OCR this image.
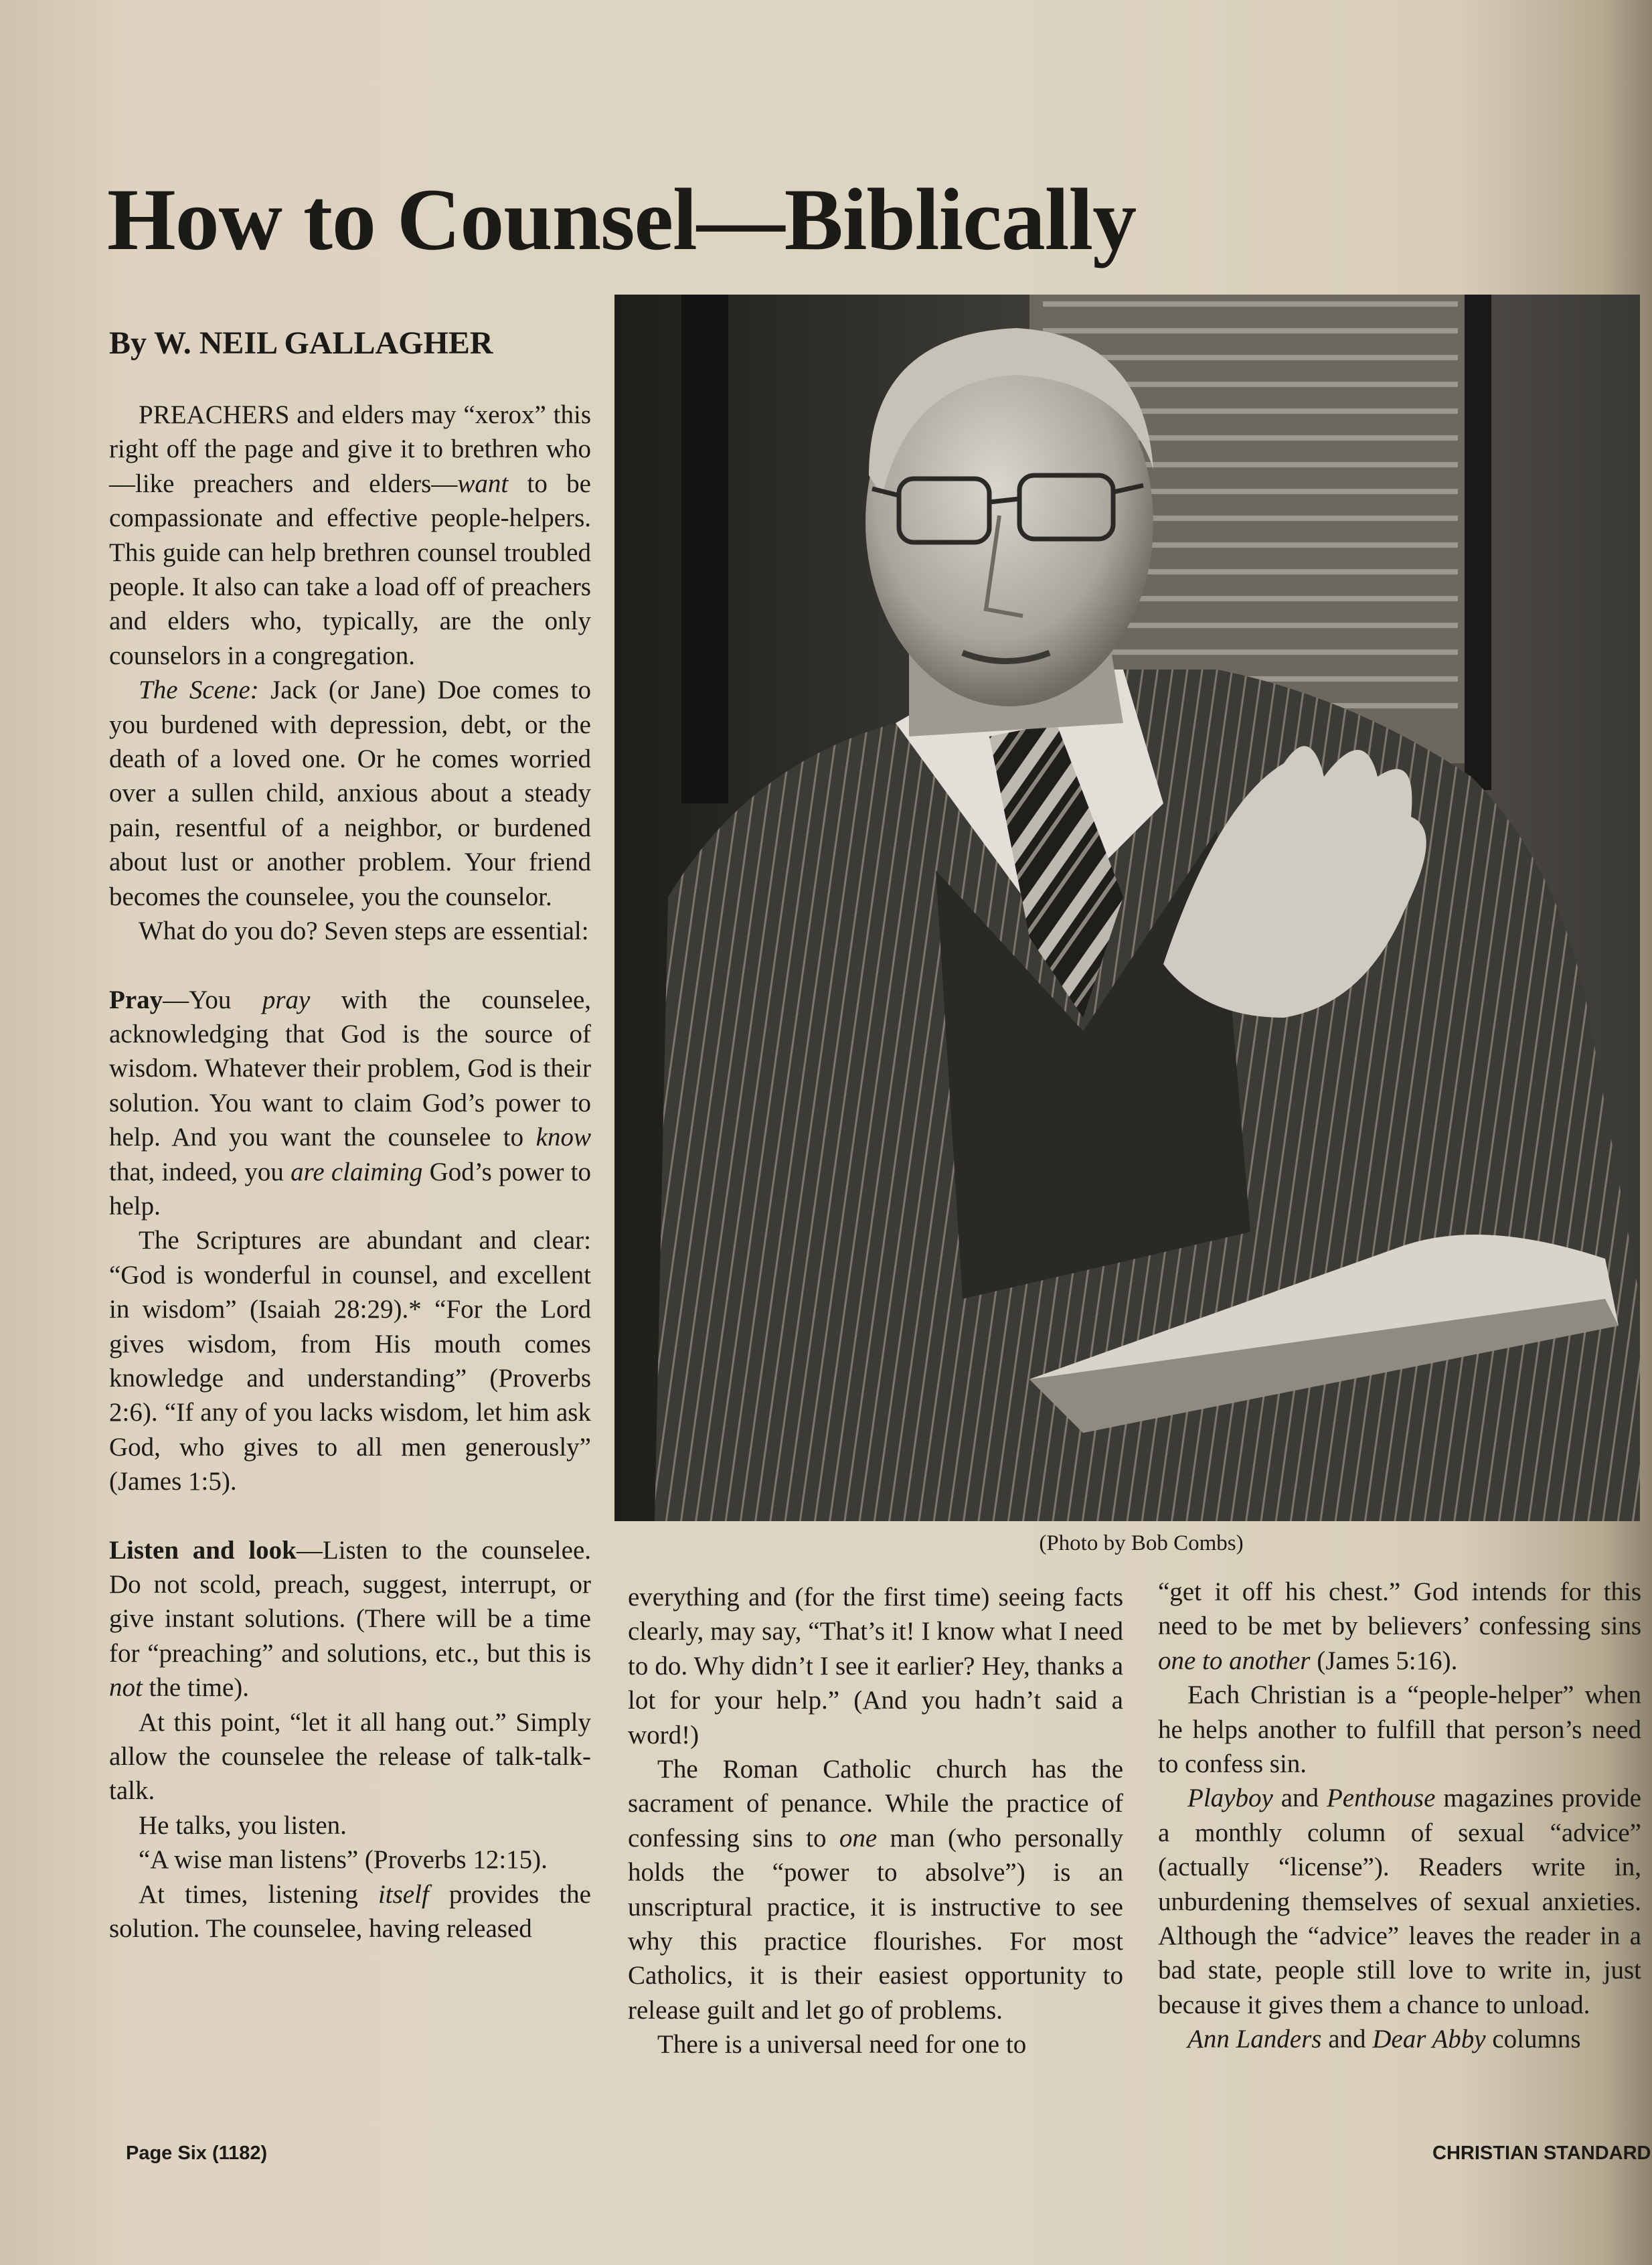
How to Counsel—Biblically
By W. NEIL GALLAGHER

PREACHERS and elders may “xerox” this right off the page and give it to brethren who—like preachers and elders—want to be compassionate and effective people-helpers. This guide can help brethren counsel troubled people. It also can take a load off of preachers and elders who, typically, are the only counselors in a congregation.

The Scene: Jack (or Jane) Doe comes to you burdened with depression, debt, or the death of a loved one. Or he comes worried over a sullen child, anxious about a steady pain, resentful of a neighbor, or burdened about lust or another problem. Your friend becomes the counselee, you the counselor.

What do you do? Seven steps are essential:

Pray—You pray with the counselee, acknowledging that God is the source of wisdom. Whatever their problem, God is their solution. You want to claim God’s power to help. And you want the counselee to know that, indeed, you are claiming God’s power to help.

The Scriptures are abundant and clear: “God is wonderful in counsel, and excellent in wisdom” (Isaiah 28:29).* “For the Lord gives wisdom, from His mouth comes knowledge and understanding” (Proverbs 2:6). “If any of you lacks wisdom, let him ask God, who gives to all men generously” (James 1:5).

Listen and look—Listen to the counselee. Do not scold, preach, suggest, interrupt, or give instant solutions. (There will be a time for “preaching” and solutions, etc., but this is not the time).

At this point, “let it all hang out.” Simply allow the counselee the release of talk-talk-talk.

He talks, you listen.

“A wise man listens” (Proverbs 12:15).

At times, listening itself provides the solution. The counselee, having released

(Photo by Bob Combs)

everything and (for the first time) seeing facts clearly, may say, “That’s it! I know what I need to do. Why didn’t I see it earlier? Hey, thanks a lot for your help.” (And you hadn’t said a word!)

The Roman Catholic church has the sacrament of penance. While the practice of confessing sins to one man (who personally holds the “power to absolve”) is an unscriptural practice, it is instructive to see why this practice flourishes. For most Catholics, it is their easiest opportunity to release guilt and let go of problems.

There is a universal need for one to

“get it off his chest.” God intends for this need to be met by believers’ confessing sins one to another (James 5:16).

Each Christian is a “people-helper” when he helps another to fulfill that person’s need to confess sin.

Playboy and Penthouse magazines provide a monthly column of sexual “advice” (actually “license”). Readers write in, unburdening themselves of sexual anxieties. Although the “advice” leaves the reader in a bad state, people still love to write in, just because it gives them a chance to unload.

Ann Landers and Dear Abby columns

Page Six (1182)	CHRISTIAN STANDARD
